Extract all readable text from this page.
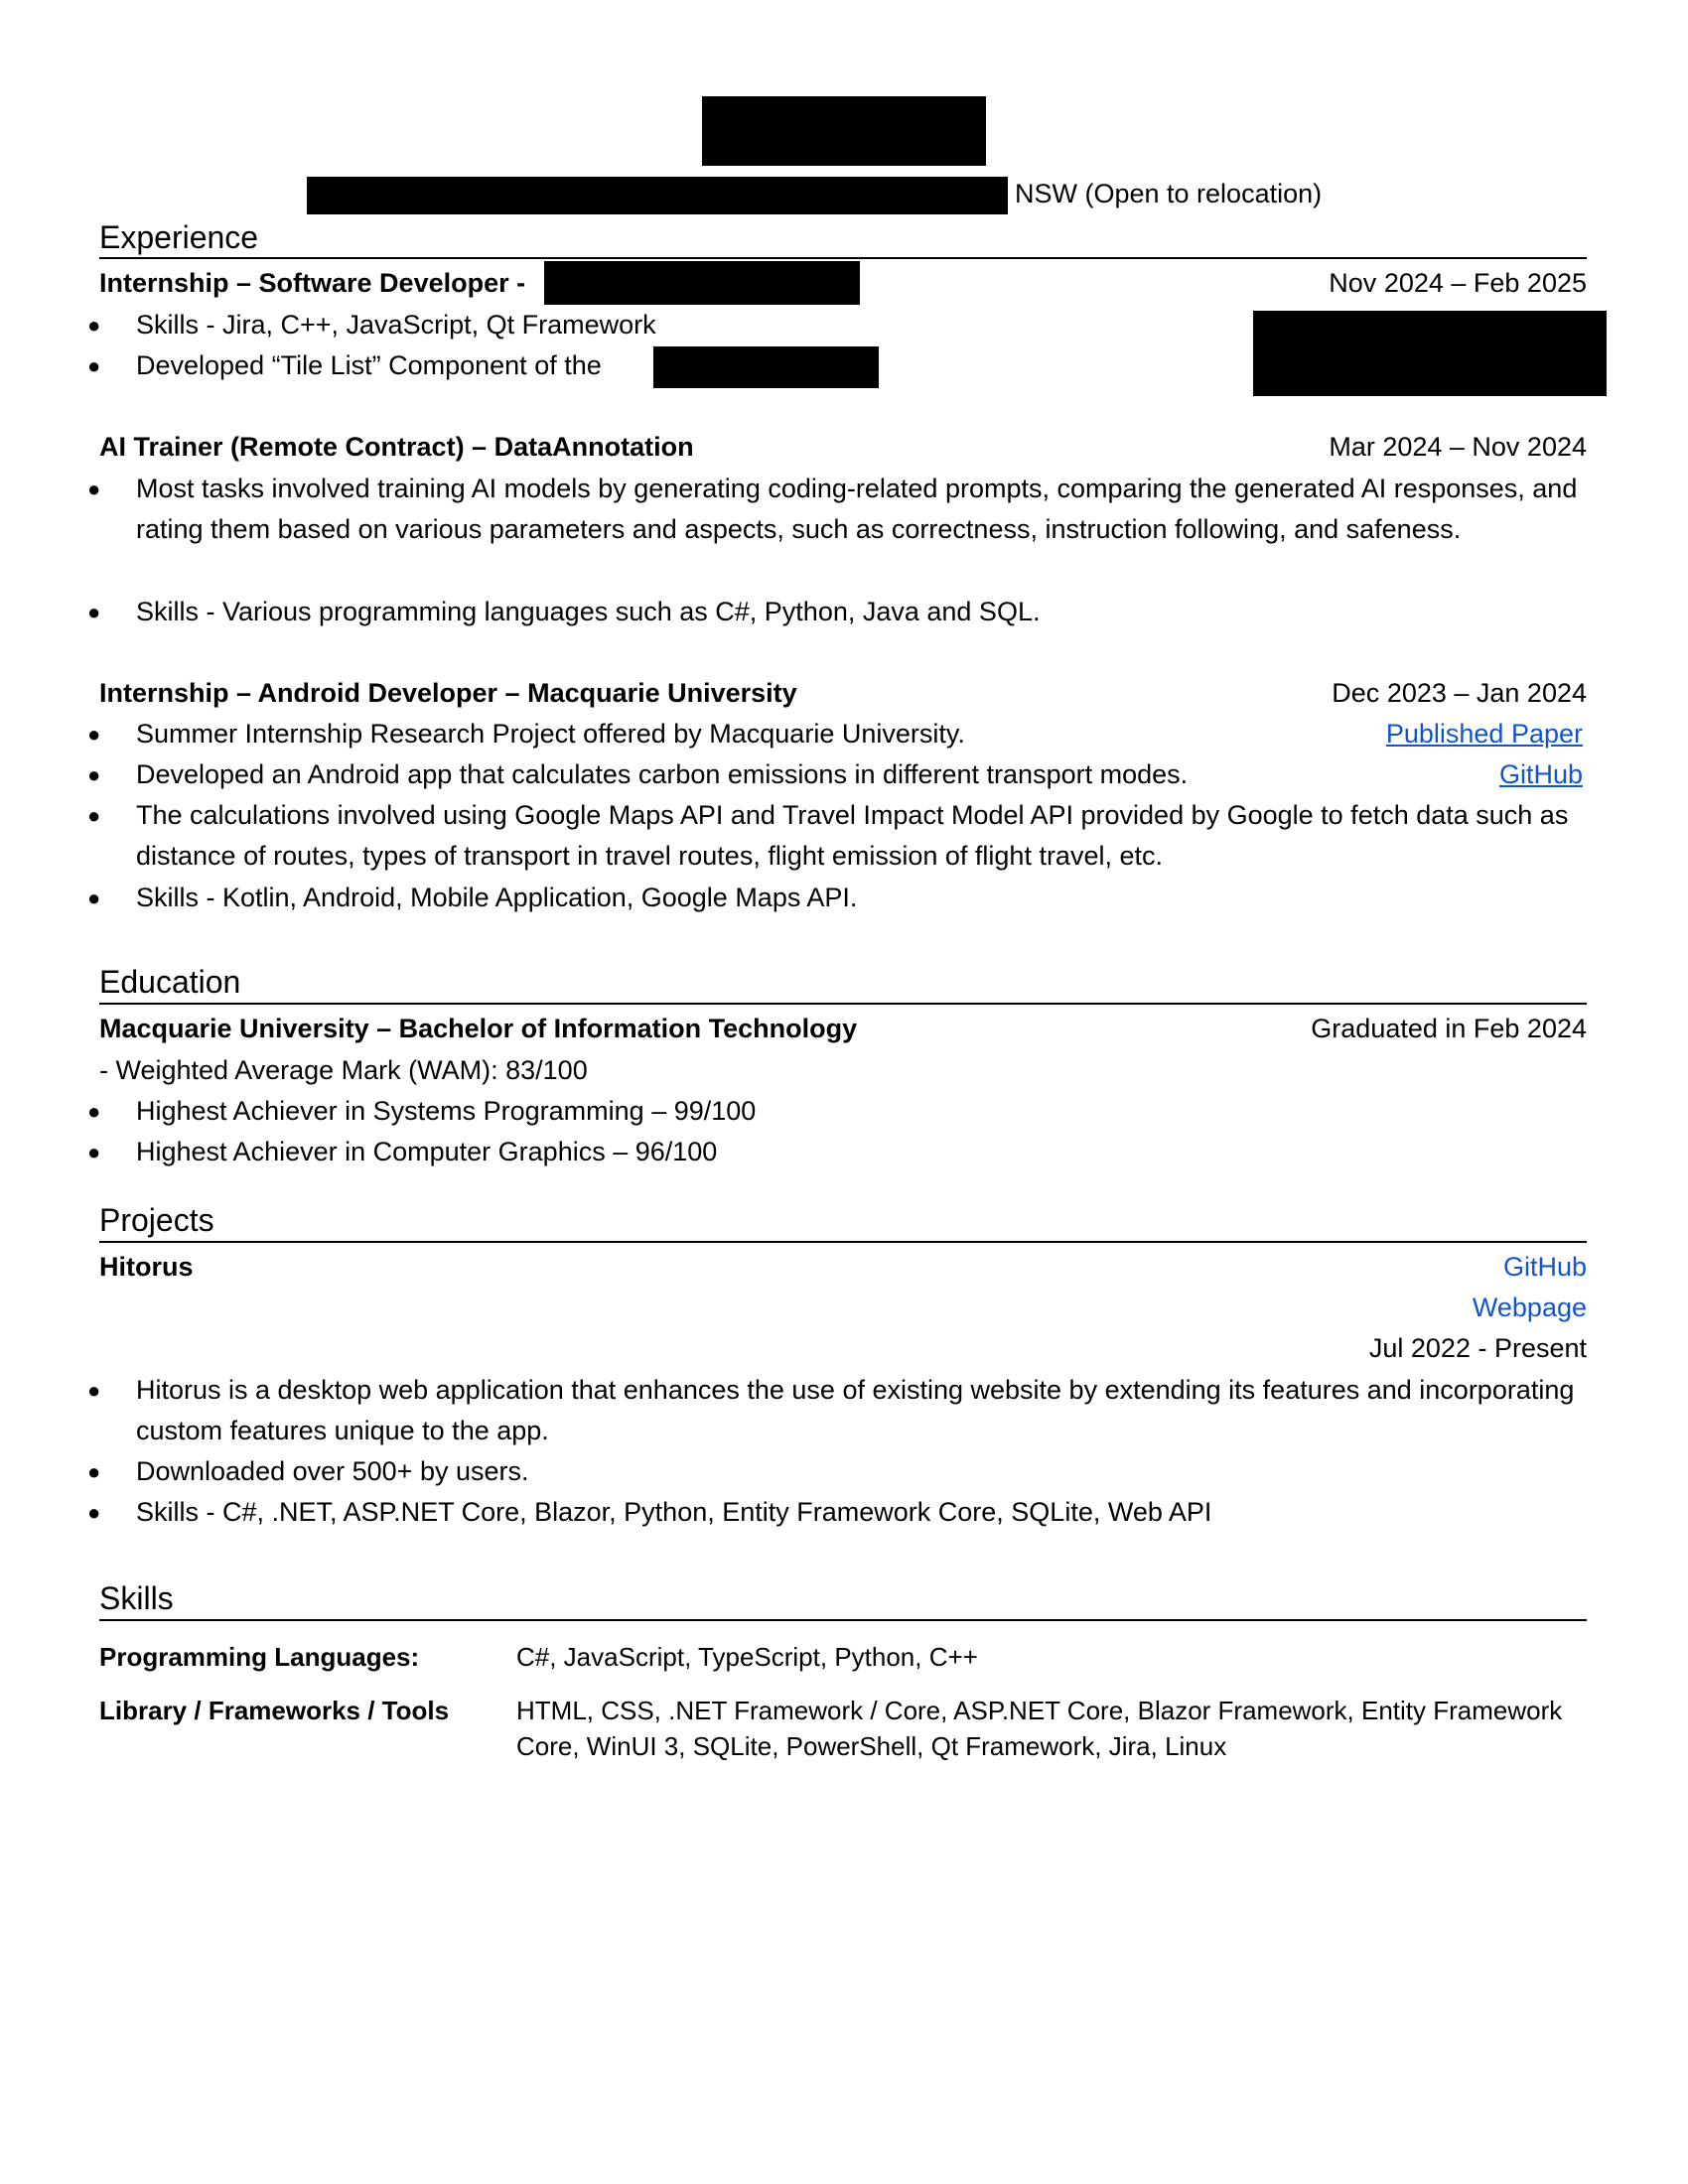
NSW (Open to relocation)
Experience
Internship – Software Developer -	Nov 2024 – Feb 2025
● Skills - Jira, C++, JavaScript, Qt Framework
● Developed “Tile List” Component of the
AI Trainer (Remote Contract) – DataAnnotation	Mar 2024 – Nov 2024
● Most tasks involved training AI models by generating coding-related prompts, comparing the generated AI responses, and rating them based on various parameters and aspects, such as correctness, instruction following, and safeness.
● Skills - Various programming languages such as C#, Python, Java and SQL.
Internship – Android Developer – Macquarie University	Dec 2023 – Jan 2024
● Summer Internship Research Project offered by Macquarie University.	Published Paper
● Developed an Android app that calculates carbon emissions in different transport modes.	GitHub
● The calculations involved using Google Maps API and Travel Impact Model API provided by Google to fetch data such as distance of routes, types of transport in travel routes, flight emission of flight travel, etc.
● Skills - Kotlin, Android, Mobile Application, Google Maps API.
Education
Macquarie University – Bachelor of Information Technology	Graduated in Feb 2024
- Weighted Average Mark (WAM): 83/100
● Highest Achiever in Systems Programming – 99/100
● Highest Achiever in Computer Graphics – 96/100
Projects
Hitorus	GitHub
Webpage
Jul 2022 - Present
● Hitorus is a desktop web application that enhances the use of existing website by extending its features and incorporating custom features unique to the app.
● Downloaded over 500+ by users.
● Skills - C#, .NET, ASP.NET Core, Blazor, Python, Entity Framework Core, SQLite, Web API
Skills
Programming Languages:	C#, JavaScript, TypeScript, Python, C++
Library / Frameworks / Tools	HTML, CSS, .NET Framework / Core, ASP.NET Core, Blazor Framework, Entity Framework Core, WinUI 3, SQLite, PowerShell, Qt Framework, Jira, Linux
